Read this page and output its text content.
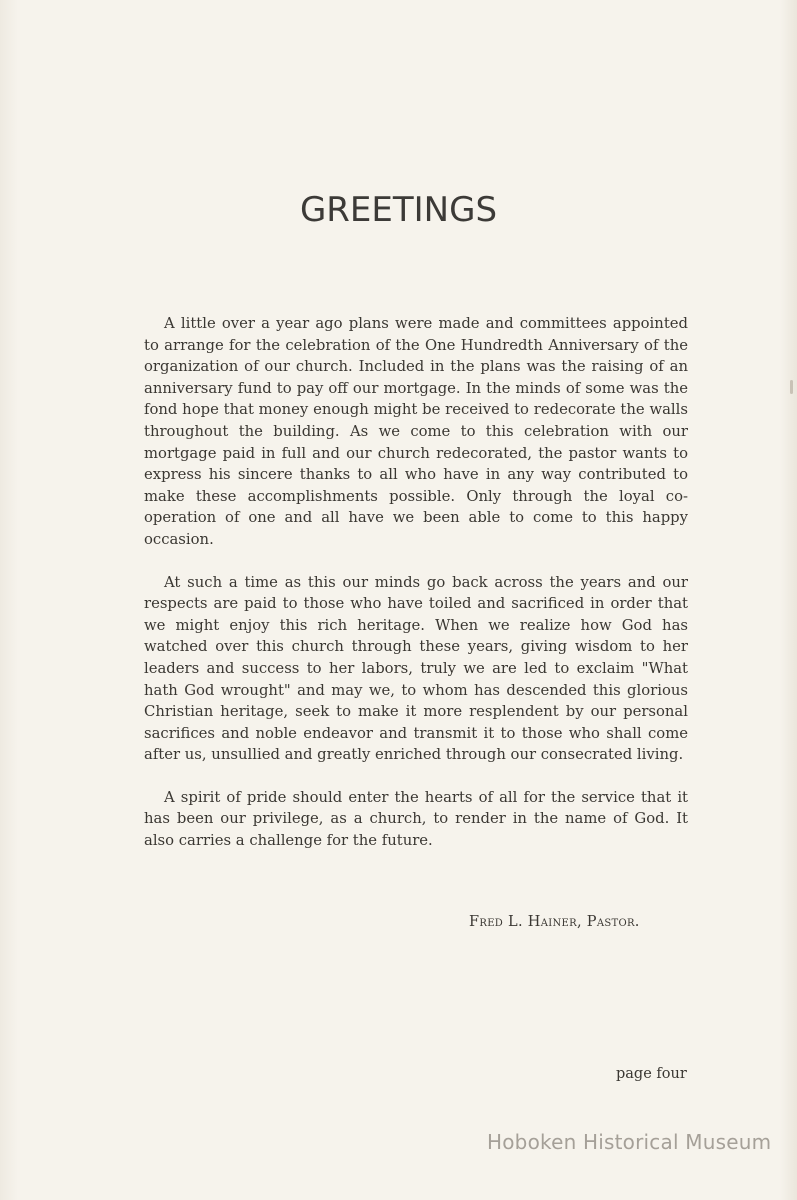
GREETINGS

A little over a year ago plans were made and committees appointed to arrange for the celebration of the One Hundredth Anniversary of the organization of our church. Included in the plans was the raising of an anniversary fund to pay off our mortgage. In the minds of some was the fond hope that money enough might be received to redecorate the walls throughout the building. As we come to this celebration with our mortgage paid in full and our church redecorated, the pastor wants to express his sincere thanks to all who have in any way contributed to make these accomplishments possible. Only through the loyal co-operation of one and all have we been able to come to this happy occasion.

At such a time as this our minds go back across the years and our respects are paid to those who have toiled and sacrificed in order that we might enjoy this rich heritage. When we realize how God has watched over this church through these years, giving wisdom to her leaders and success to her labors, truly we are led to exclaim "What hath God wrought" and may we, to whom has descended this glorious Christian heritage, seek to make it more resplendent by our personal sacrifices and noble endeavor and transmit it to those who shall come after us, unsullied and greatly enriched through our consecrated living.

A spirit of pride should enter the hearts of all for the service that it has been our privilege, as a church, to render in the name of God. It also carries a challenge for the future.

Fred L. Hainer, Pastor.
page four
Hoboken Historical Museum
